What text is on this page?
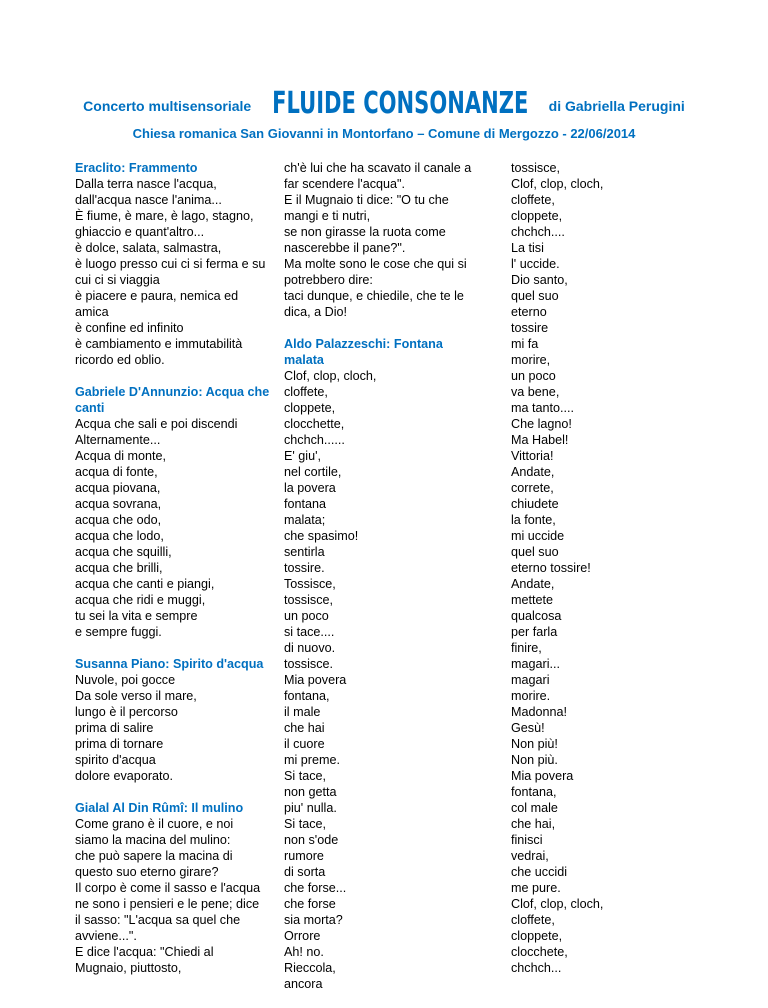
Concerto multisensoriale FLUIDE CONSONANZE di Gabriella Perugini
Chiesa romanica San Giovanni in Montorfano – Comune di Mergozzo - 22/06/2014
Eraclito: Frammento
Dalla terra nasce l'acqua,
dall'acqua nasce l'anima...
È fiume, è mare, è lago, stagno,
ghiaccio e quant'altro...
è dolce, salata, salmastra,
è luogo presso cui ci si ferma e su
cui ci si viaggia
è piacere e paura, nemica ed
amica
è confine ed infinito
è cambiamento e immutabilità
ricordo ed oblio.
Gabriele D'Annunzio: Acqua che
canti
Acqua che sali e poi discendi
Alternamente...
Acqua di monte,
acqua di fonte,
acqua piovana,
acqua sovrana,
acqua che odo,
acqua che lodo,
acqua che squilli,
acqua che brilli,
acqua che canti e piangi,
acqua che ridi e muggi,
tu sei la vita e sempre
e sempre fuggi.
Susanna Piano: Spirito d'acqua
Nuvole, poi gocce
Da sole verso il mare,
lungo è il percorso
prima di salire
prima di tornare
spirito d'acqua
dolore evaporato.
Gialal Al Din Rûmî: Il mulino
Come grano è il cuore, e noi
siamo la macina del mulino:
che può sapere la macina di
questo suo eterno girare?
Il corpo è come il sasso e l'acqua
ne sono i pensieri e le pene; dice
il sasso: "L'acqua sa quel che
avviene...".
E dice l'acqua: "Chiedi al
Mugnaio, piuttosto,
ch'è lui che ha scavato il canale a
far scendere l'acqua".
E il Mugnaio ti dice: "O tu che
mangi e ti nutri,
se non girasse la ruota come
nascerebbe il pane?".
Ma molte sono le cose che qui si
potrebbero dire:
taci dunque, e chiedile, che te le
dica, a Dio!
Aldo Palazzeschi: Fontana
malata
Clof, clop, cloch,
cloffete,
cloppete,
clocchette,
chchch......
E' giu',
nel cortile,
la povera
fontana
malata;
che spasimo!
sentirla
tossire.
Tossisce,
tossisce,
un poco
si tace....
di nuovo.
tossisce.
Mia povera
fontana,
il male
che hai
il cuore
mi preme.
Si tace,
non getta
piu' nulla.
Si tace,
non s'ode
rumore
di sorta
che forse...
che forse
sia morta?
Orrore
Ah! no.
Rieccola,
ancora
tossisce,
Clof, clop, cloch,
cloffete,
cloppete,
chchch....
La tisi
l' uccide.
Dio santo,
quel suo
eterno
tossire
mi fa
morire,
un poco
va bene,
ma tanto....
Che lagno!
Ma Habel!
Vittoria!
Andate,
correte,
chiudete
la fonte,
mi uccide
quel suo
eterno tossire!
Andate,
mettete
qualcosa
per farla
finire,
magari...
magari
morire.
Madonna!
Gesù!
Non più!
Non più.
Mia povera
fontana,
col male
che hai,
finisci
vedrai,
che uccidi
me pure.
Clof, clop, cloch,
cloffete,
cloppete,
clocchete,
chchch...
